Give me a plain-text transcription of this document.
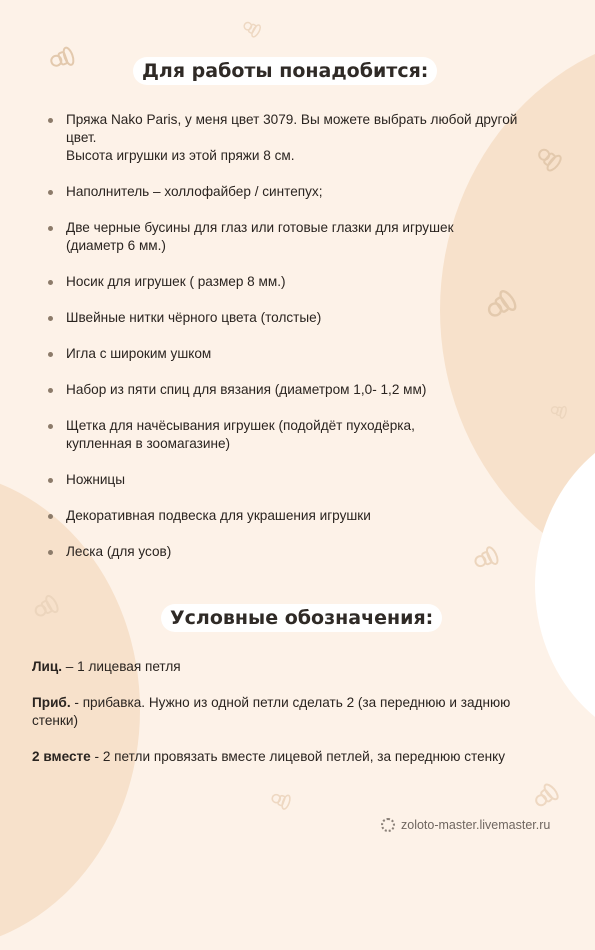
Для работы понадобится:
Пряжа Nako Paris, у меня цвет 3079. Вы можете выбрать любой другой цвет.
Высота игрушки из этой пряжи 8 см.
Наполнитель – холлофайбер / синтепух;
Две черные бусины для глаз или готовые глазки для игрушек
(диаметр 6 мм.)
Носик для игрушек ( размер 8 мм.)
Швейные нитки чёрного цвета (толстые)
Игла с широким ушком
Набор из пяти спиц для вязания (диаметром 1,0- 1,2 мм)
Щетка для начёсывания игрушек (подойдёт пуходёрка,
купленная в зоомагазине)
Ножницы
Декоративная подвеска для украшения игрушки
Леска (для усов)
Условные обозначения:
Лиц. – 1 лицевая петля
Приб. - прибавка. Нужно из одной петли сделать 2 (за переднюю и заднюю стенки)
2 вместе - 2 петли провязать вместе лицевой петлей, за переднюю стенку
zoloto-master.livemaster.ru
